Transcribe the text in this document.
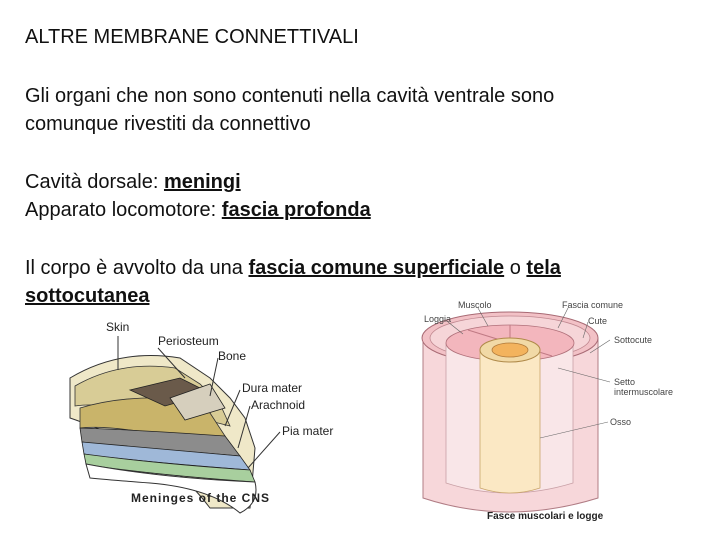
ALTRE MEMBRANE CONNETTIVALI
Gli organi che non sono contenuti nella cavità ventrale sono
comunque rivestiti da connettivo
Cavità dorsale: meningi
Apparato locomotore: fascia profonda
Il corpo è avvolto da una fascia comune superficiale o tela
sottocutanea
Skin
Periosteum
Bone
Dura mater
Arachnoid
Pia mater
Meninges of the CNS
Muscolo	Fascia comune
Loggia	Cute
Sottocute
Setto
intermuscolare
Osso
Fasce muscolari e logge
